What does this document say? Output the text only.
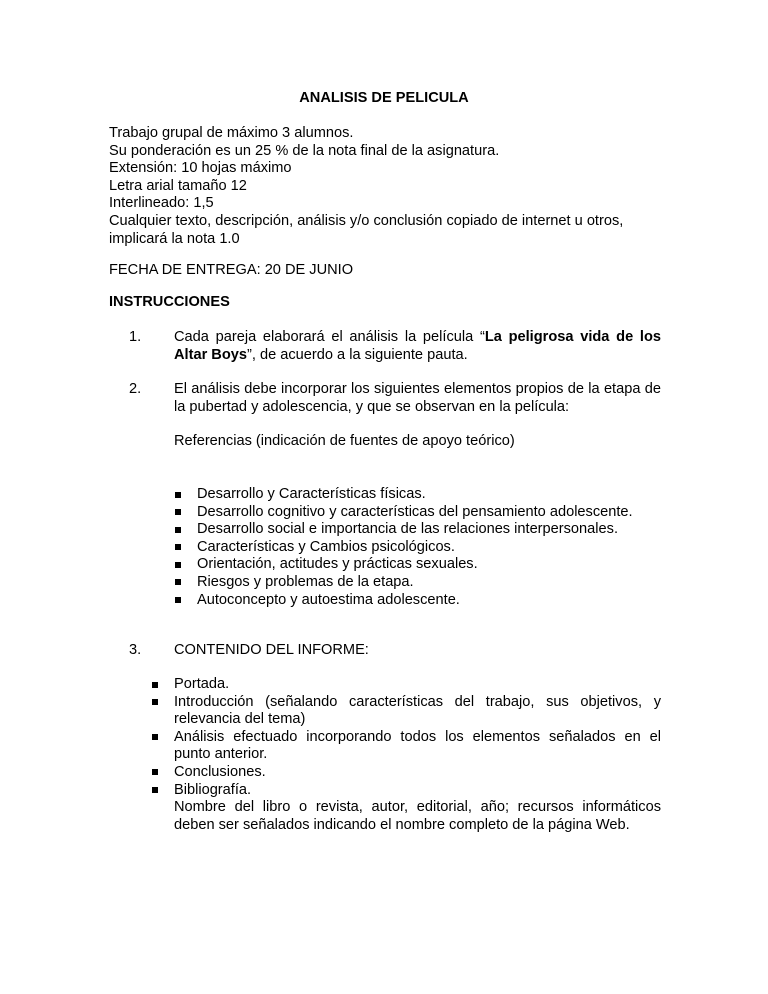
ANALISIS DE PELICULA
Trabajo grupal de máximo 3 alumnos.
Su ponderación es un 25 % de la nota final de la asignatura.
Extensión: 10 hojas máximo
Letra arial tamaño 12
Interlineado: 1,5
Cualquier texto, descripción, análisis y/o conclusión copiado de internet u otros,
implicará la nota 1.0
FECHA DE ENTREGA: 20 DE JUNIO
INSTRUCCIONES
1. Cada pareja elaborará el análisis la película “La peligrosa vida de los Altar Boys”, de acuerdo a la siguiente pauta.
2. El análisis debe incorporar los siguientes elementos propios de la etapa de la pubertad y adolescencia, y que se observan en la película:
Referencias (indicación de fuentes de apoyo teórico)
Desarrollo y Características físicas.
Desarrollo cognitivo y características del pensamiento adolescente.
Desarrollo social e importancia de las relaciones interpersonales.
Características y Cambios psicológicos.
Orientación, actitudes y prácticas sexuales.
Riesgos y problemas de la etapa.
Autoconcepto y autoestima adolescente.
3. CONTENIDO DEL INFORME:
Portada.
Introducción (señalando características del trabajo, sus objetivos, y
relevancia del tema)
Análisis efectuado incorporando todos los elementos señalados en el
punto anterior.
Conclusiones.
Bibliografía.
Nombre del libro o revista, autor, editorial, año; recursos informáticos
deben ser señalados indicando el nombre completo de la página Web.
